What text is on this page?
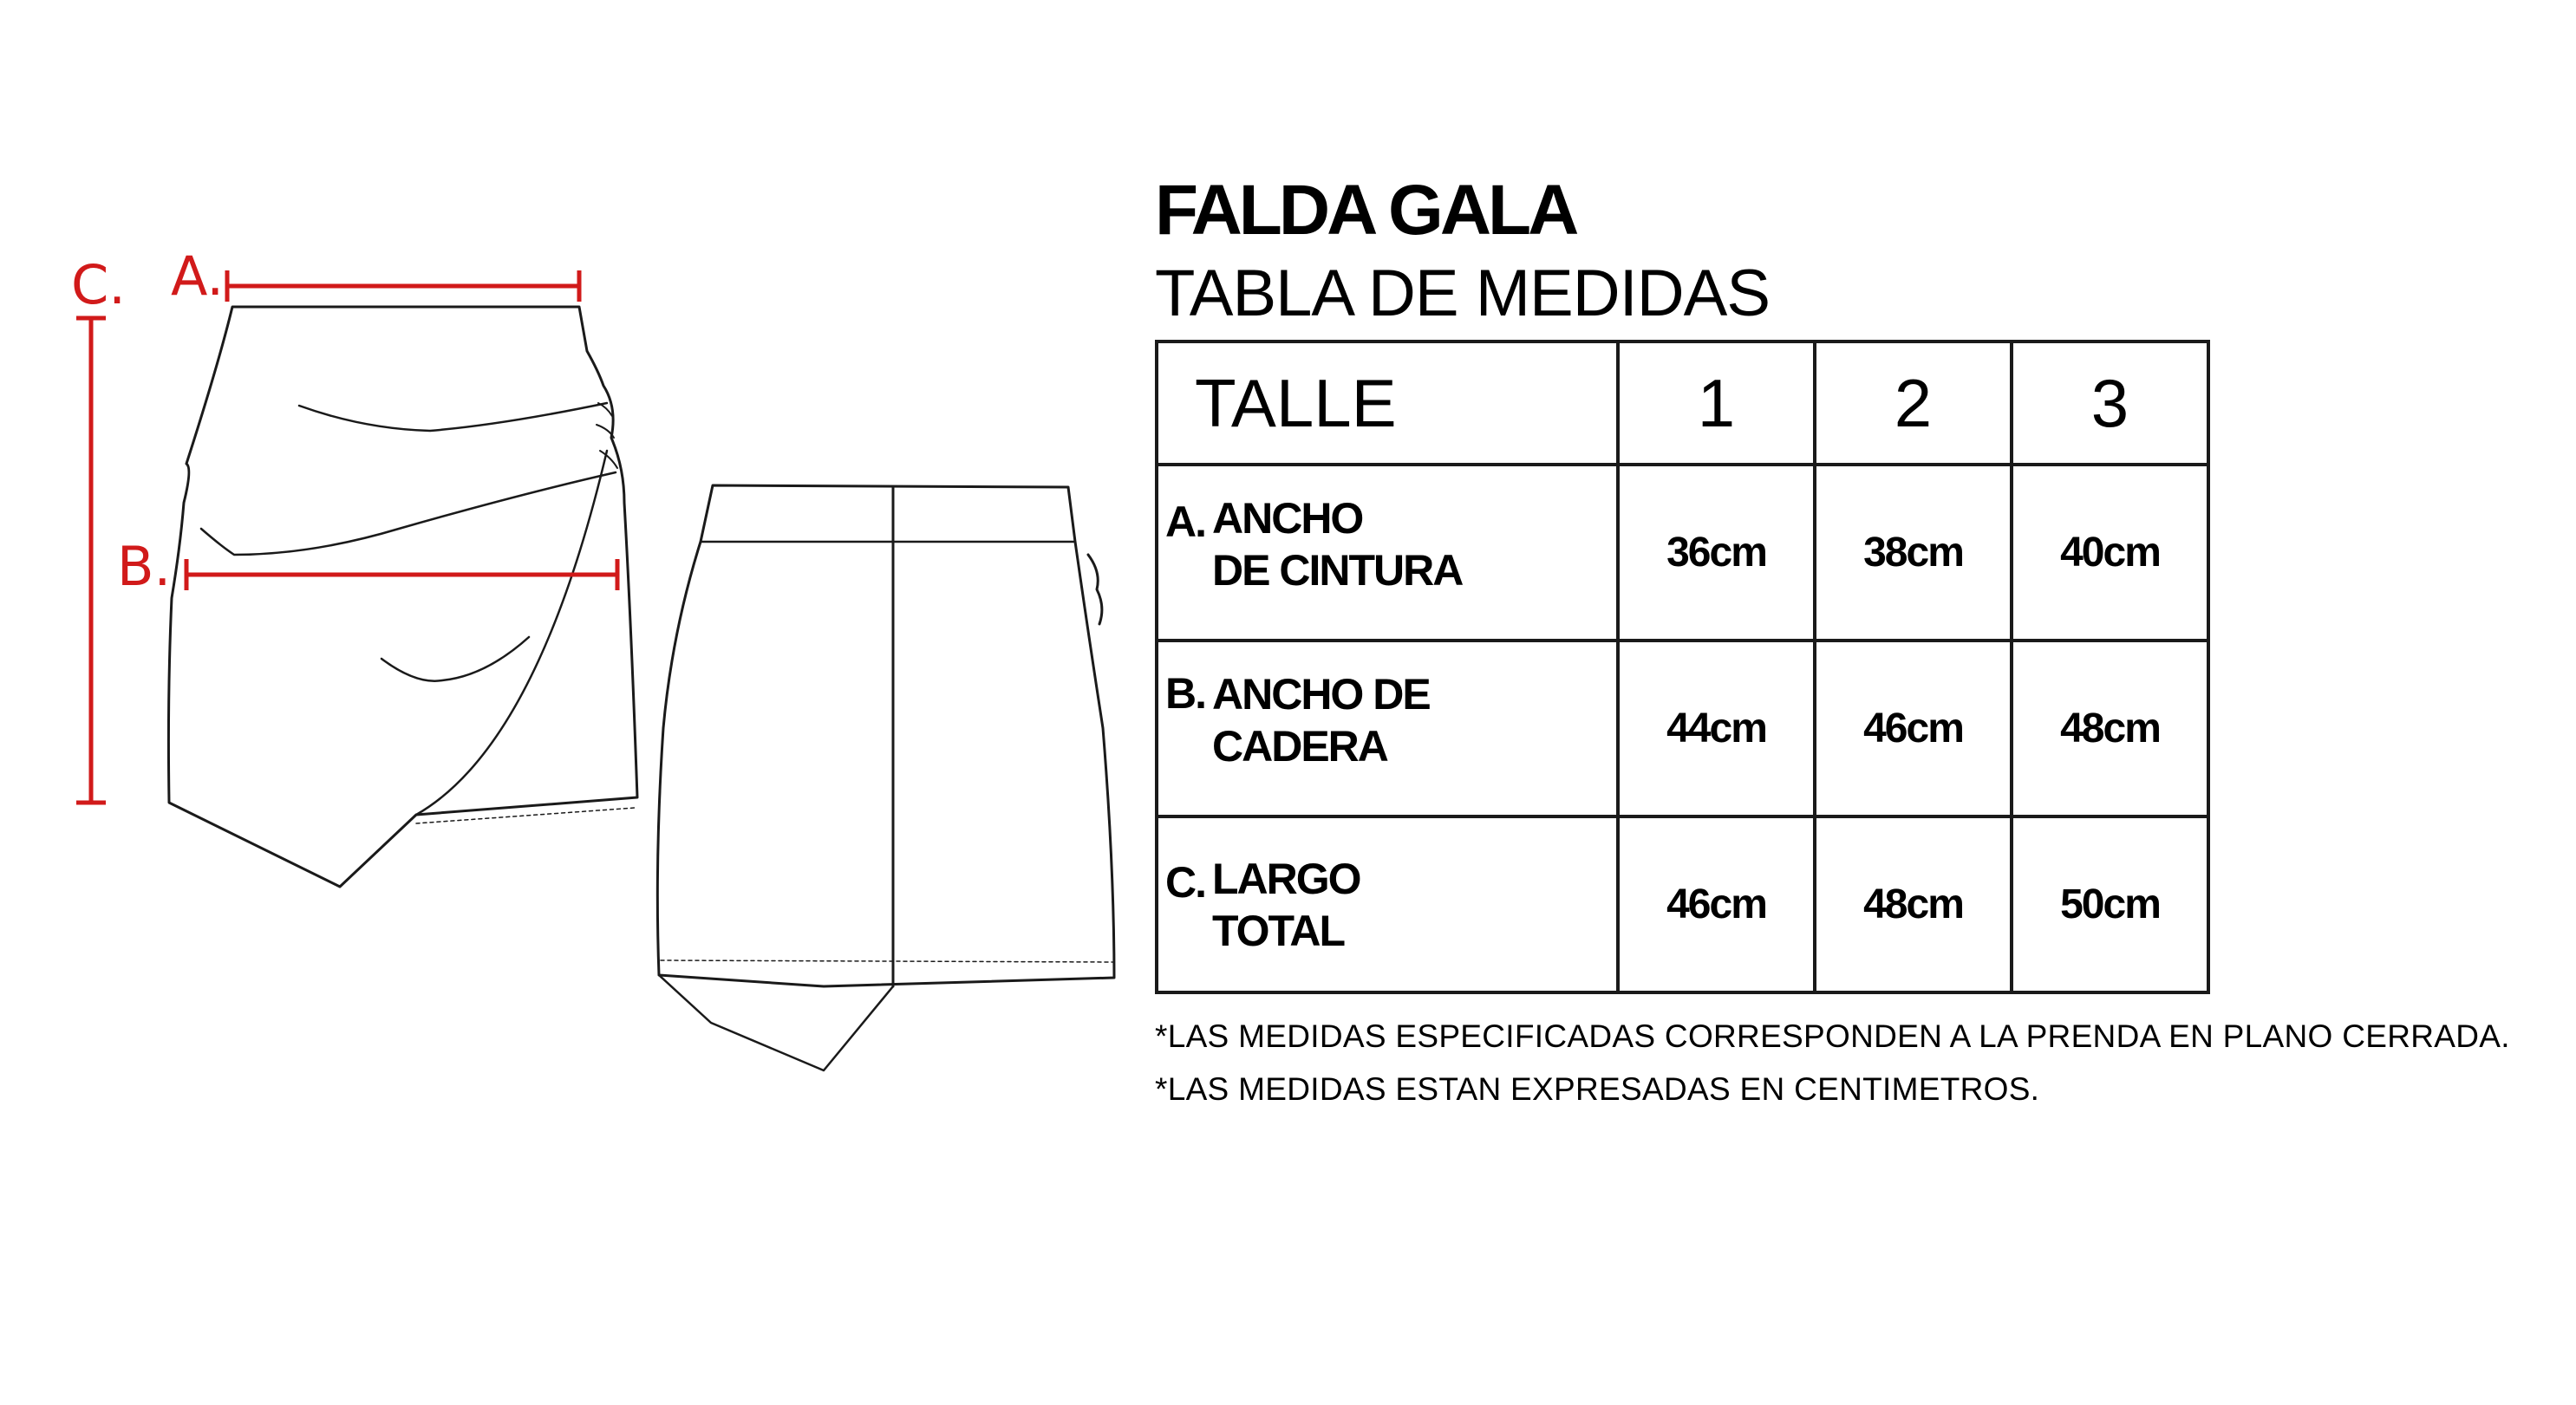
A.
B.
C.
FALDA GALA
TABLA DE MEDIDAS
TALLE	1	2	3

A. ANCHO
DE CINTURA	36cm	38cm	40cm

B. ANCHO DE
CADERA	44cm	46cm	48cm

C. LARGO
TOTAL	46cm	48cm	50cm
*LAS MEDIDAS ESPECIFICADAS CORRESPONDEN A LA PRENDA EN PLANO CERRADA.
*LAS MEDIDAS ESTAN EXPRESADAS EN CENTIMETROS.
